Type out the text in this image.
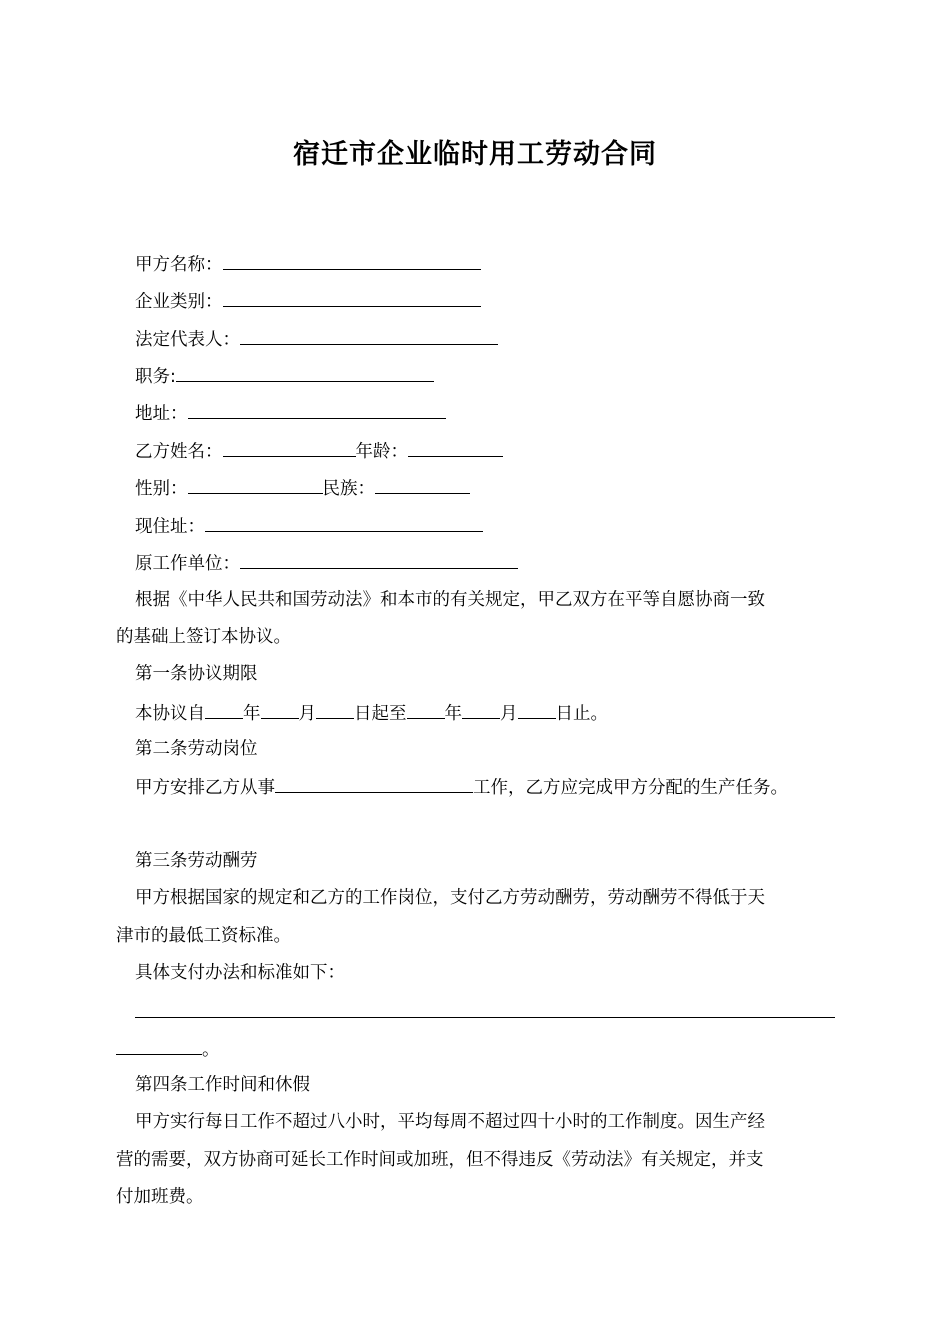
宿迁市企业临时用工劳动合同
甲方名称：
企业类别：
法定代表人：
职务:
地址：
乙方姓名：	年龄：
性别：	民族：
现住址：
原工作单位：
根据《中华人民共和国劳动法》和本市的有关规定，甲乙双方在平等自愿协商一致
的基础上签订本协议。
第一条协议期限
本协议自 年 月 日起至 年 月 日止。
第二条劳动岗位
甲方安排乙方从事	工作，乙方应完成甲方分配的生产任务。
第三条劳动酬劳
甲方根据国家的规定和乙方的工作岗位，支付乙方劳动酬劳，劳动酬劳不得低于天
津市的最低工资标准。
具体支付办法和标准如下：
。
第四条工作时间和休假
甲方实行每日工作不超过八小时，平均每周不超过四十小时的工作制度。因生产经
营的需要，双方协商可延长工作时间或加班，但不得违反《劳动法》有关规定，并支
付加班费。
